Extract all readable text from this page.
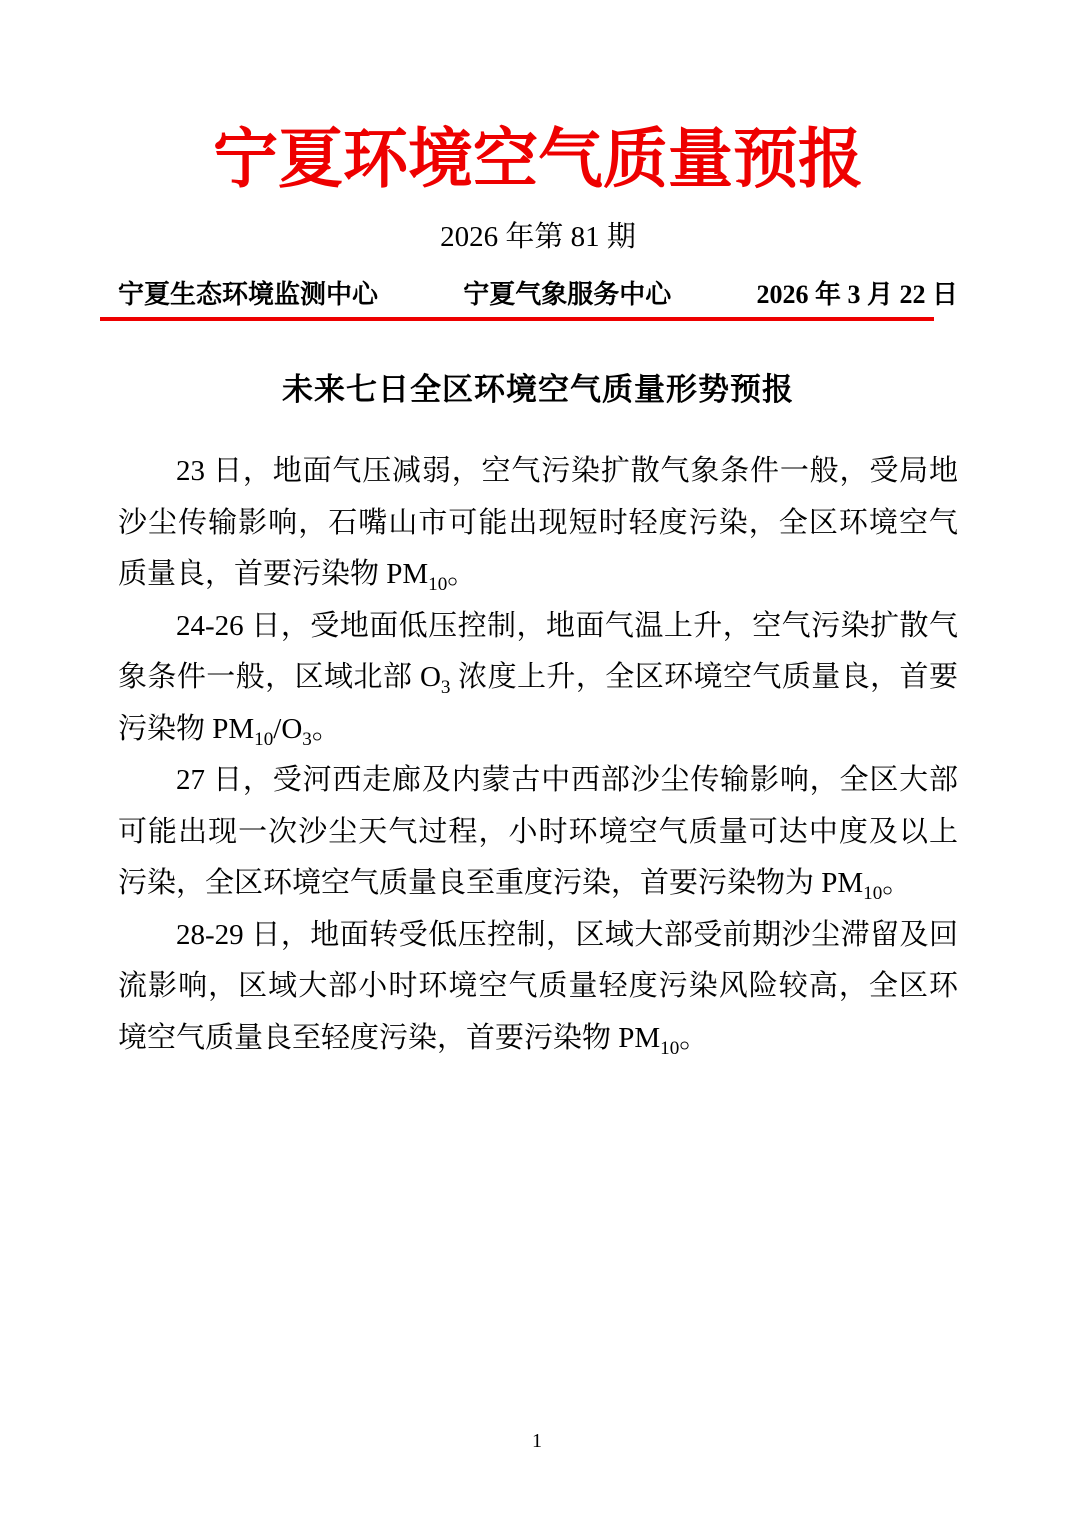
宁夏环境空气质量预报
2026 年第 81 期
宁夏生态环境监测中心	宁夏气象服务中心	2026 年 3 月 22 日
未来七日全区环境空气质量形势预报

23 日，地面气压减弱，空气污染扩散气象条件一般，受局地沙尘传输影响，石嘴山市可能出现短时轻度污染，全区环境空气质量良，首要污染物 $PM_{10}$。

24-26 日，受地面低压控制，地面气温上升，空气污染扩散气象条件一般，区域北部 $O_3$ 浓度上升，全区环境空气质量良，首要污染物 $PM_{10}/O_3$。

27 日，受河西走廊及内蒙古中西部沙尘传输影响，全区大部可能出现一次沙尘天气过程，小时环境空气质量可达中度及以上污染，全区环境空气质量良至重度污染，首要污染物为 $PM_{10}$。

28-29 日，地面转受低压控制，区域大部受前期沙尘滞留及回流影响，区域大部小时环境空气质量轻度污染风险较高，全区环境空气质量良至轻度污染，首要污染物 $PM_{10}$。

1
